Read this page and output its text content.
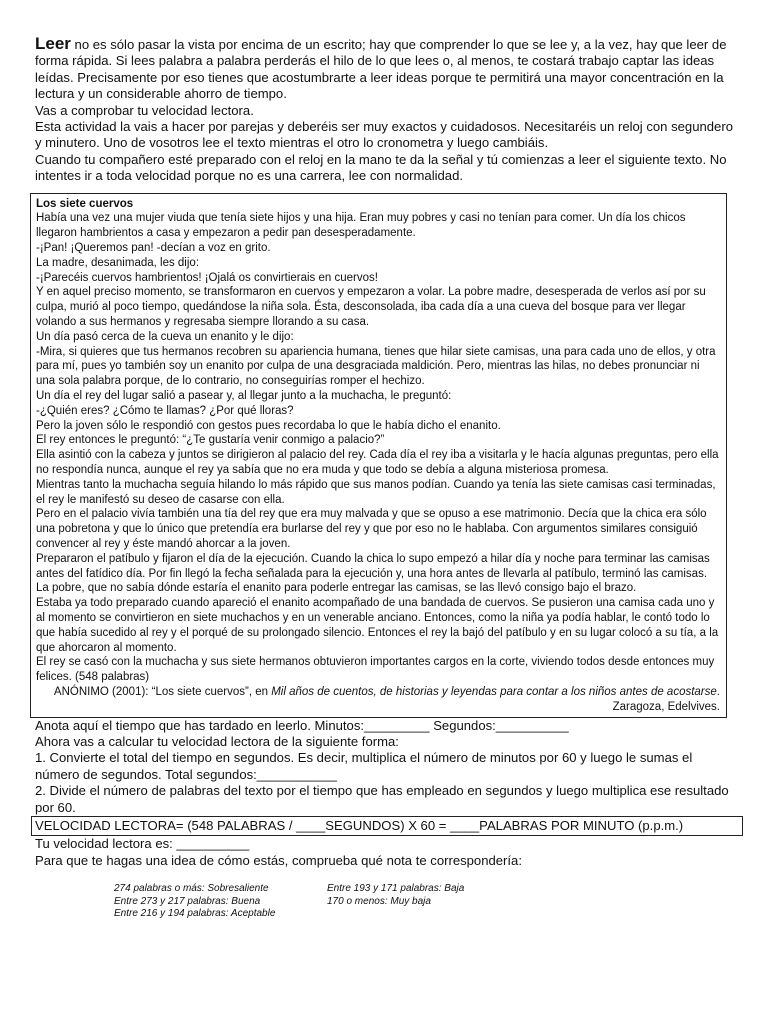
Leer no es sólo pasar la vista por encima de un escrito; hay que comprender lo que se lee y, a la vez, hay que leer de forma rápida. Si lees palabra a palabra perderás el hilo de lo que lees o, al menos, te costará trabajo captar las ideas leídas. Precisamente por eso tienes que acostumbrarte a leer ideas porque te permitirá una mayor concentración en la lectura y un considerable ahorro de tiempo.

Vas a comprobar tu velocidad lectora.

Esta actividad la vais a hacer por parejas y deberéis ser muy exactos y cuidadosos. Necesitaréis un reloj con segundero y minutero. Uno de vosotros lee el texto mientras el otro lo cronometra y luego cambiáis.

Cuando tu compañero esté preparado con el reloj en la mano te da la señal y tú comienzas a leer el siguiente texto. No intentes ir a toda velocidad porque no es una carrera, lee con normalidad.

Los siete cuervos

Había una vez una mujer viuda que tenía siete hijos y una hija. Eran muy pobres y casi no tenían para comer. Un día los chicos llegaron hambrientos a casa y empezaron a pedir pan desesperadamente.

-¡Pan! ¡Queremos pan! -decían a voz en grito.

La madre, desanimada, les dijo:

-¡Parecéis cuervos hambrientos! ¡Ojalá os convirtierais en cuervos!

Y en aquel preciso momento, se transformaron en cuervos y empezaron a volar. La pobre madre, desesperada de verlos así por su culpa, murió al poco tiempo, quedándose la niña sola. Ésta, desconsolada, iba cada día a una cueva del bosque para ver llegar volando a sus hermanos y regresaba siempre llorando a su casa.

Un día pasó cerca de la cueva un enanito y le dijo:

-Mira, si quieres que tus hermanos recobren su apariencia humana, tienes que hilar siete camisas, una para cada uno de ellos, y otra para mí, pues yo también soy un enanito por culpa de una desgraciada maldición. Pero, mientras las hilas, no debes pronunciar ni una sola palabra porque, de lo contrario, no conseguirías romper el hechizo.

Un día el rey del lugar salió a pasear y, al llegar junto a la muchacha, le preguntó:

-¿Quién eres? ¿Cómo te llamas? ¿Por qué lloras?

Pero la joven sólo le respondió con gestos pues recordaba lo que le había dicho el enanito.

El rey entonces le preguntó: “¿Te gustaría venir conmigo a palacio?”

Ella asintió con la cabeza y juntos se dirigieron al palacio del rey. Cada día el rey iba a visitarla y le hacía algunas preguntas, pero ella no respondía nunca, aunque el rey ya sabía que no era muda y que todo se debía a alguna misteriosa promesa.

Mientras tanto la muchacha seguía hilando lo más rápido que sus manos podían. Cuando ya tenía las siete camisas casi terminadas, el rey le manifestó su deseo de casarse con ella.

Pero en el palacio vivía también una tía del rey que era muy malvada y que se opuso a ese matrimonio. Decía que la chica era sólo una pobretona y que lo único que pretendía era burlarse del rey y que por eso no le hablaba. Con argumentos similares consiguió convencer al rey y éste mandó ahorcar a la joven.

Prepararon el patíbulo y fijaron el día de la ejecución. Cuando la chica lo supo empezó a hilar día y noche para terminar las camisas antes del fatídico día. Por fin llegó la fecha señalada para la ejecución y, una hora antes de llevarla al patíbulo, terminó las camisas. La pobre, que no sabía dónde estaría el enanito para poderle entregar las camisas, se las llevó consigo bajo el brazo.

Estaba ya todo preparado cuando apareció el enanito acompañado de una bandada de cuervos. Se pusieron una camisa cada uno y al momento se convirtieron en siete muchachos y en un venerable anciano. Entonces, como la niña ya podía hablar, le contó todo lo que había sucedido al rey y el porqué de su prolongado silencio. Entonces el rey la bajó del patíbulo y en su lugar colocó a su tía, a la que ahorcaron al momento.

El rey se casó con la muchacha y sus siete hermanos obtuvieron importantes cargos en la corte, viviendo todos desde entonces muy felices. (548 palabras)

ANÓNIMO (2001): “Los siete cuervos”, en Mil años de cuentos, de historias y leyendas para contar a los niños antes de acostarse. Zaragoza, Edelvives.

Anota aquí el tiempo que has tardado en leerlo. Minutos:_________ Segundos:__________

Ahora vas a calcular tu velocidad lectora de la siguiente forma:

1. Convierte el total del tiempo en segundos. Es decir, multiplica el número de minutos por 60 y luego le sumas el número de segundos. Total segundos:___________

2. Divide el número de palabras del texto por el tiempo que has empleado en segundos y luego multiplica ese resultado por 60.

VELOCIDAD LECTORA= (548 PALABRAS / ____SEGUNDOS) X 60 = ____PALABRAS POR MINUTO (p.p.m.)

Tu velocidad lectora es: __________

Para que te hagas una idea de cómo estás, comprueba qué nota te correspondería:

274 palabras o más: Sobresaliente

Entre 273 y 217 palabras: Buena

Entre 216 y 194 palabras: Aceptable

Entre 193 y 171 palabras: Baja

170 o menos: Muy baja
